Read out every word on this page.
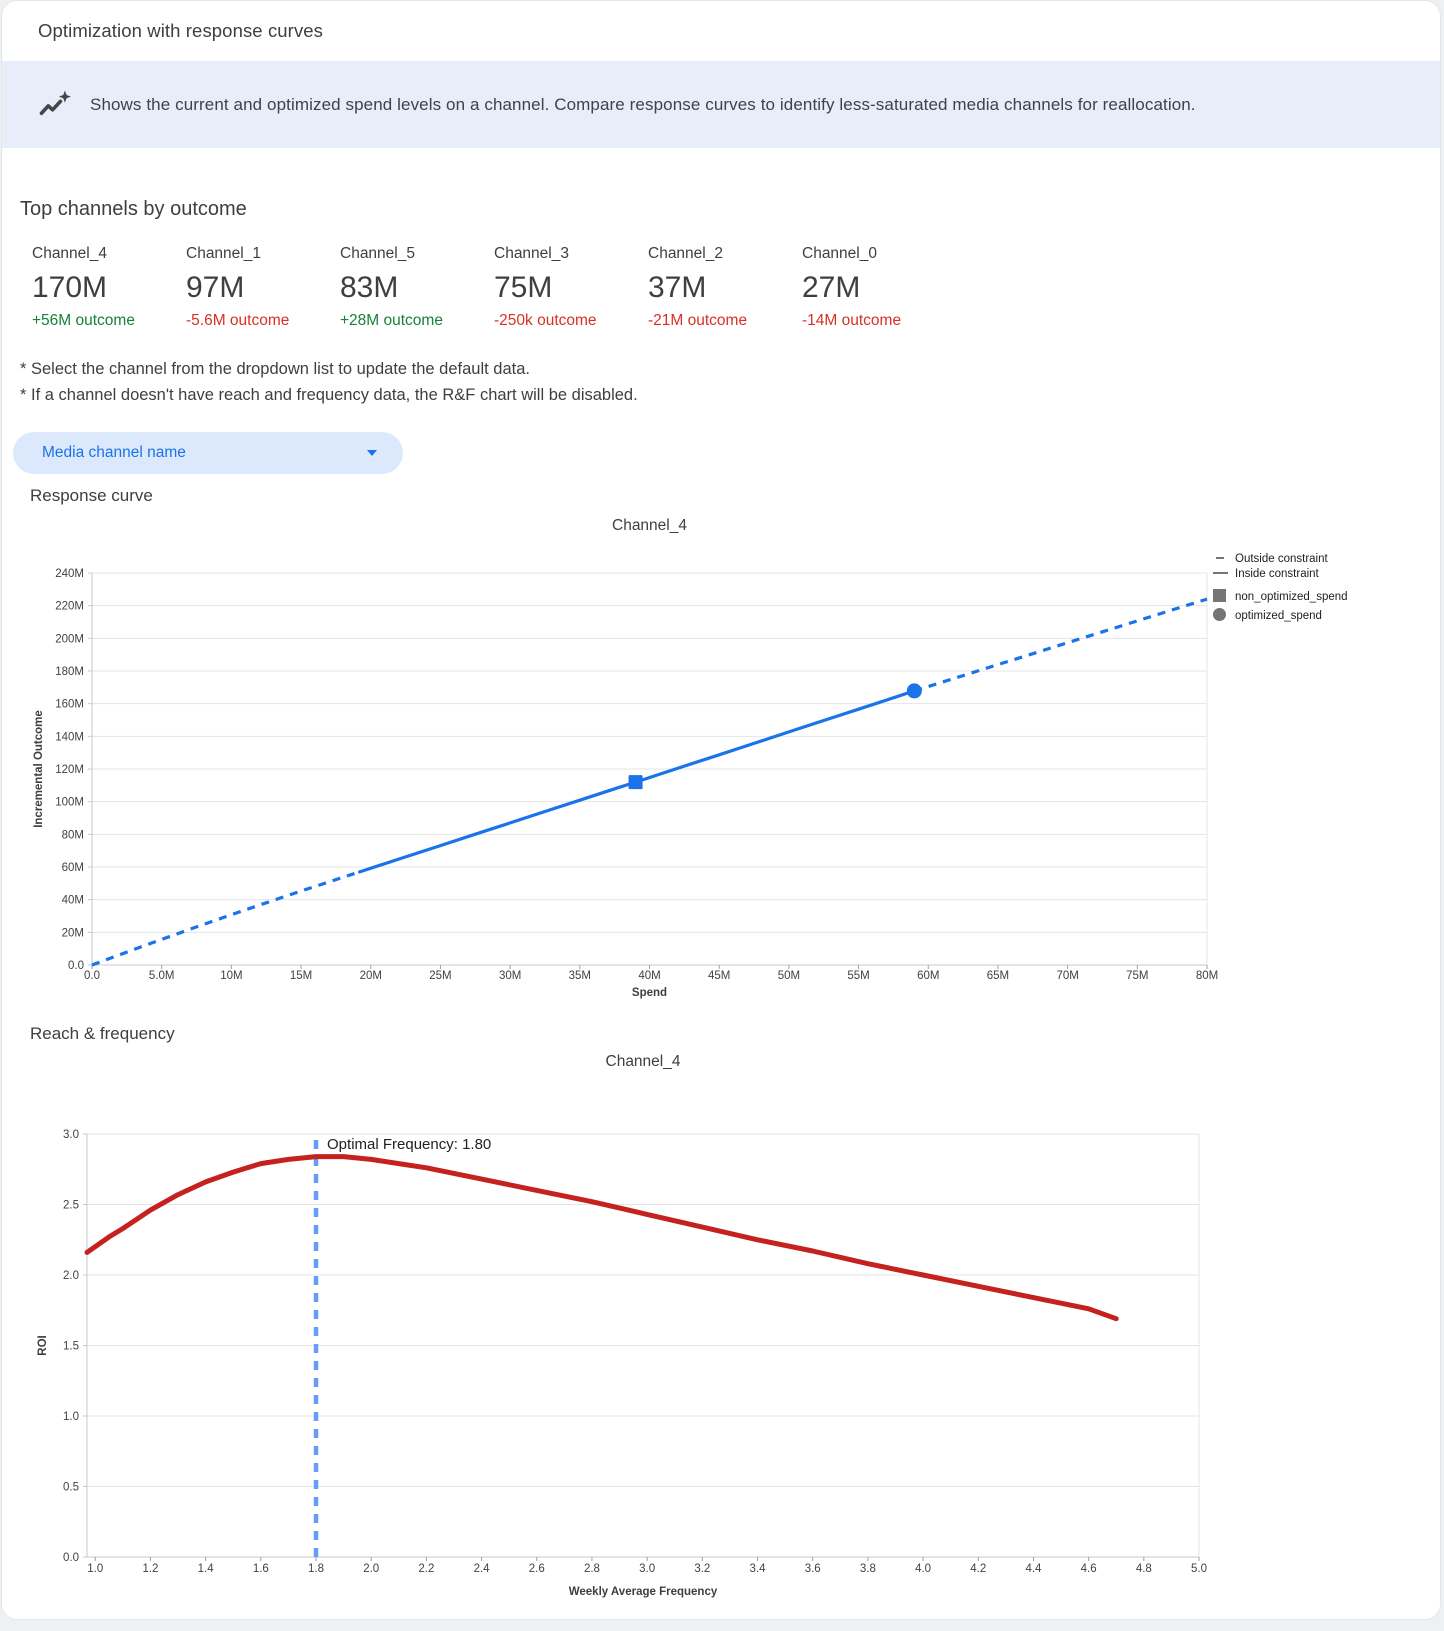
Optimization with response curves

Shows the current and optimized spend levels on a channel. Compare response curves to identify less-saturated media channels for reallocation.

Top channels by outcome
Channel_4
170M
+56M outcome
Channel_1
97M
-5.6M outcome
Channel_5
83M
+28M outcome
Channel_3
75M
-250k outcome
Channel_2
37M
-21M outcome
Channel_0
27M
-14M outcome

* Select the channel from the dropdown list to update the default data.

* If a channel doesn't have reach and frequency data, the R&F chart will be disabled.

Media channel name
Response curve
0.0
20M
40M
60M
80M
100M
120M
140M
160M
180M
200M
220M
240M
0.0	5.0M	10M	15M	20M	25M	30M	35M	40M	45M	50M	55M	60M	65M	70M	75M	80M
Channel_4
Spend
Incremental Outcome
Outside constraint
Inside constraint
non_optimized_spend
optimized_spend
Reach & frequency
0.0
0.5
1.0
1.5
2.0
2.5
3.0
1.0	1.2	1.4	1.6	1.8	2.0	2.2	2.4	2.6	2.8	3.0	3.2	3.4	3.6	3.8	4.0	4.2	4.4	4.6	4.8	5.0
Optimal Frequency: 1.80
Channel_4
Weekly Average Frequency
ROI
